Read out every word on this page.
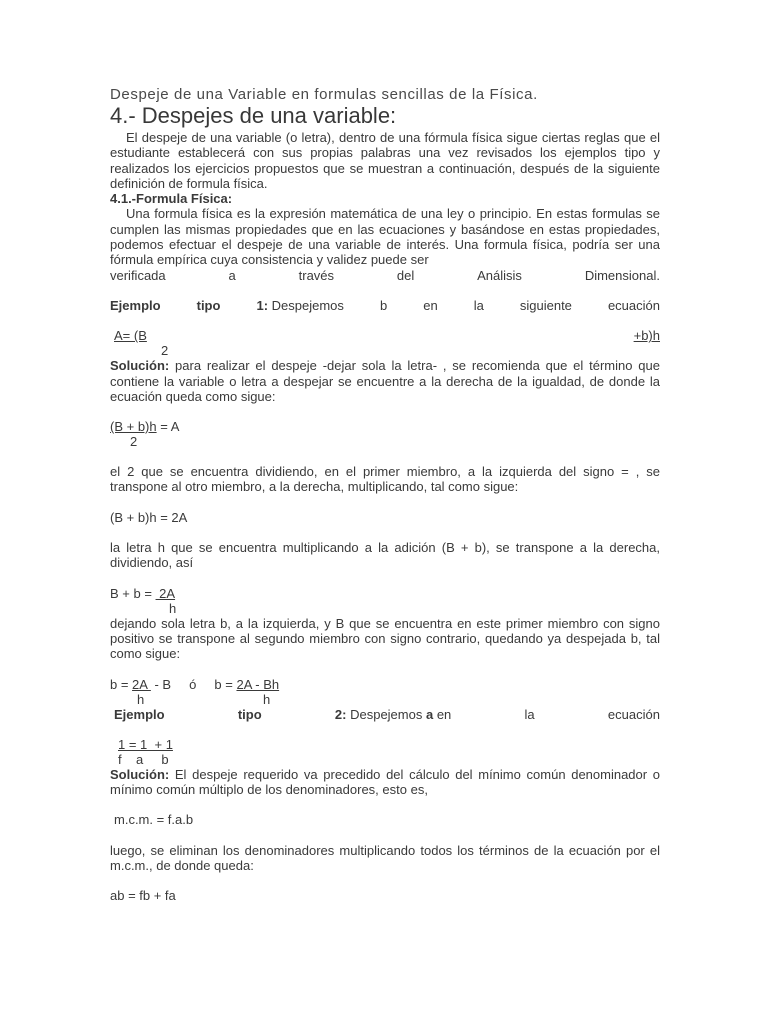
Despeje de una Variable en formulas sencillas de la Física.

4.- Despejes de una variable:

El despeje de una variable (o letra), dentro de una fórmula física sigue ciertas reglas que el estudiante establecerá con sus propias palabras una vez revisados los ejemplos tipo y realizados los ejercicios propuestos que se muestran a continuación, después de la siguiente definición de formula física.

4.1.-Formula Física:

Una formula física es la expresión matemática de una ley o principio. En estas formulas se cumplen las mismas propiedades que en las ecuaciones y basándose en estas propiedades, podemos efectuar el despeje de una variable de interés. Una formula física, podría ser una fórmula empírica cuya consistencia y validez puede ser

verificada	a	través	del	Análisis	Dimensional.
Ejemplo	tipo	1: Despejemos	b	en	la	siguiente	ecuación
A= (B	+b)h
2

Solución: para realizar el despeje -dejar sola la letra- , se recomienda que el término que contiene la variable o letra a despejar se encuentre a la derecha de la igualdad, de donde la ecuación queda como sigue:

(B + b)h = A
2

el 2 que se encuentra dividiendo, en el primer miembro, a la izquierda del signo = , se transpone al otro miembro, a la derecha, multiplicando, tal como sigue:

(B + b)h = 2A

la letra h que se encuentra multiplicando a la adición (B + b), se transpone a la derecha, dividiendo, así

B + b =  2A
h

dejando sola letra b, a la izquierda, y B que se encuentra en este primer miembro con signo positivo se transpone al segundo miembro con signo contrario, quedando ya despejada b, tal como sigue:

b = 2A  - B     ó     b = 2A - Bh
h	h
Ejemplo	tipo	2: Despejemos a en	la	ecuación
1 = 1  + 1
f    a     b

Solución: El despeje requerido va precedido del cálculo del mínimo común denominador o mínimo común múltiplo de los denominadores, esto es,

m.c.m. = f.a.b

luego, se eliminan los denominadores multiplicando todos los términos de la ecuación por el m.c.m., de donde queda:

ab = fb + fa
